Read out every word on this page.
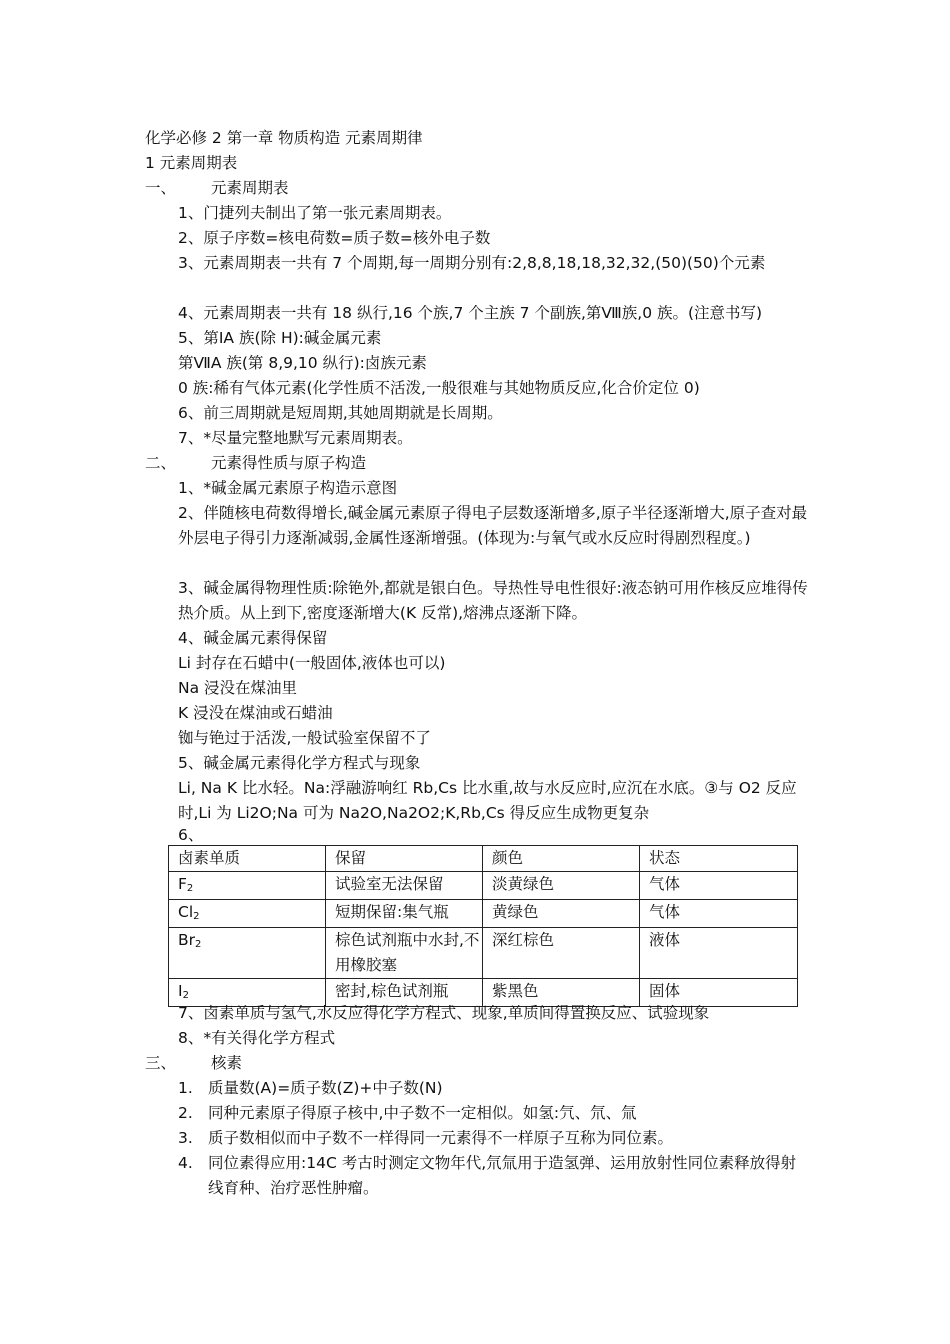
化学必修 2 第一章 物质构造 元素周期律
1 元素周期表
一、 元素周期表
1、门捷列夫制出了第一张元素周期表。
2、原子序数=核电荷数=质子数=核外电子数
3、元素周期表一共有 7 个周期,每一周期分别有:2,8,8,18,18,32,32,(50)(50)个元素
4、元素周期表一共有 18 纵行,16 个族,7 个主族 7 个副族,第Ⅷ族,0 族。(注意书写)
5、第ⅠA 族(除 H):碱金属元素
第ⅦA 族(第 8,9,10 纵行):卤族元素
0 族:稀有气体元素(化学性质不活泼,一般很难与其她物质反应,化合价定位 0)
6、前三周期就是短周期,其她周期就是长周期。
7、*尽量完整地默写元素周期表。
二、 元素得性质与原子构造
1、*碱金属元素原子构造示意图
2、伴随核电荷数得增长,碱金属元素原子得电子层数逐渐增多,原子半径逐渐增大,原子查对最外层电子得引力逐渐减弱,金属性逐渐增强。(体现为:与氧气或水反应时得剧烈程度。)
3、碱金属得物理性质:除铯外,都就是银白色。导热性导电性很好:液态钠可用作核反应堆得传热介质。从上到下,密度逐渐增大(K 反常),熔沸点逐渐下降。
4、碱金属元素得保留
Li 封存在石蜡中(一般固体,液体也可以)
Na 浸没在煤油里
K 浸没在煤油或石蜡油
铷与铯过于活泼,一般试验室保留不了
5、碱金属元素得化学方程式与现象
Li, Na K 比水轻。Na:浮融游响红 Rb,Cs 比水重,故与水反应时,应沉在水底。③与 O2 反应时,Li 为 Li2O;Na 可为 Na2O,Na2O2;K,Rb,Cs 得反应生成物更复杂
6、
卤素单质	保留	颜色	状态
$F_2$	试验室无法保留	淡黄绿色	气体
$Cl_2$	短期保留:集气瓶	黄绿色	气体
$Br_2$	棕色试剂瓶中水封,不用橡胶塞	深红棕色	液体
$I_2$	密封,棕色试剂瓶	紫黑色	固体
7、卤素单质与氢气,水反应得化学方程式、现象,单质间得置换反应、试验现象
8、*有关得化学方程式
三、 核素
1. 质量数(A)=质子数(Z)+中子数(N)
2. 同种元素原子得原子核中,中子数不一定相似。如氢:氕、氘、氚
3. 质子数相似而中子数不一样得同一元素得不一样原子互称为同位素。
4. 同位素得应用:14C 考古时测定文物年代,氘氚用于造氢弹、运用放射性同位素释放得射线育种、治疗恶性肿瘤。
